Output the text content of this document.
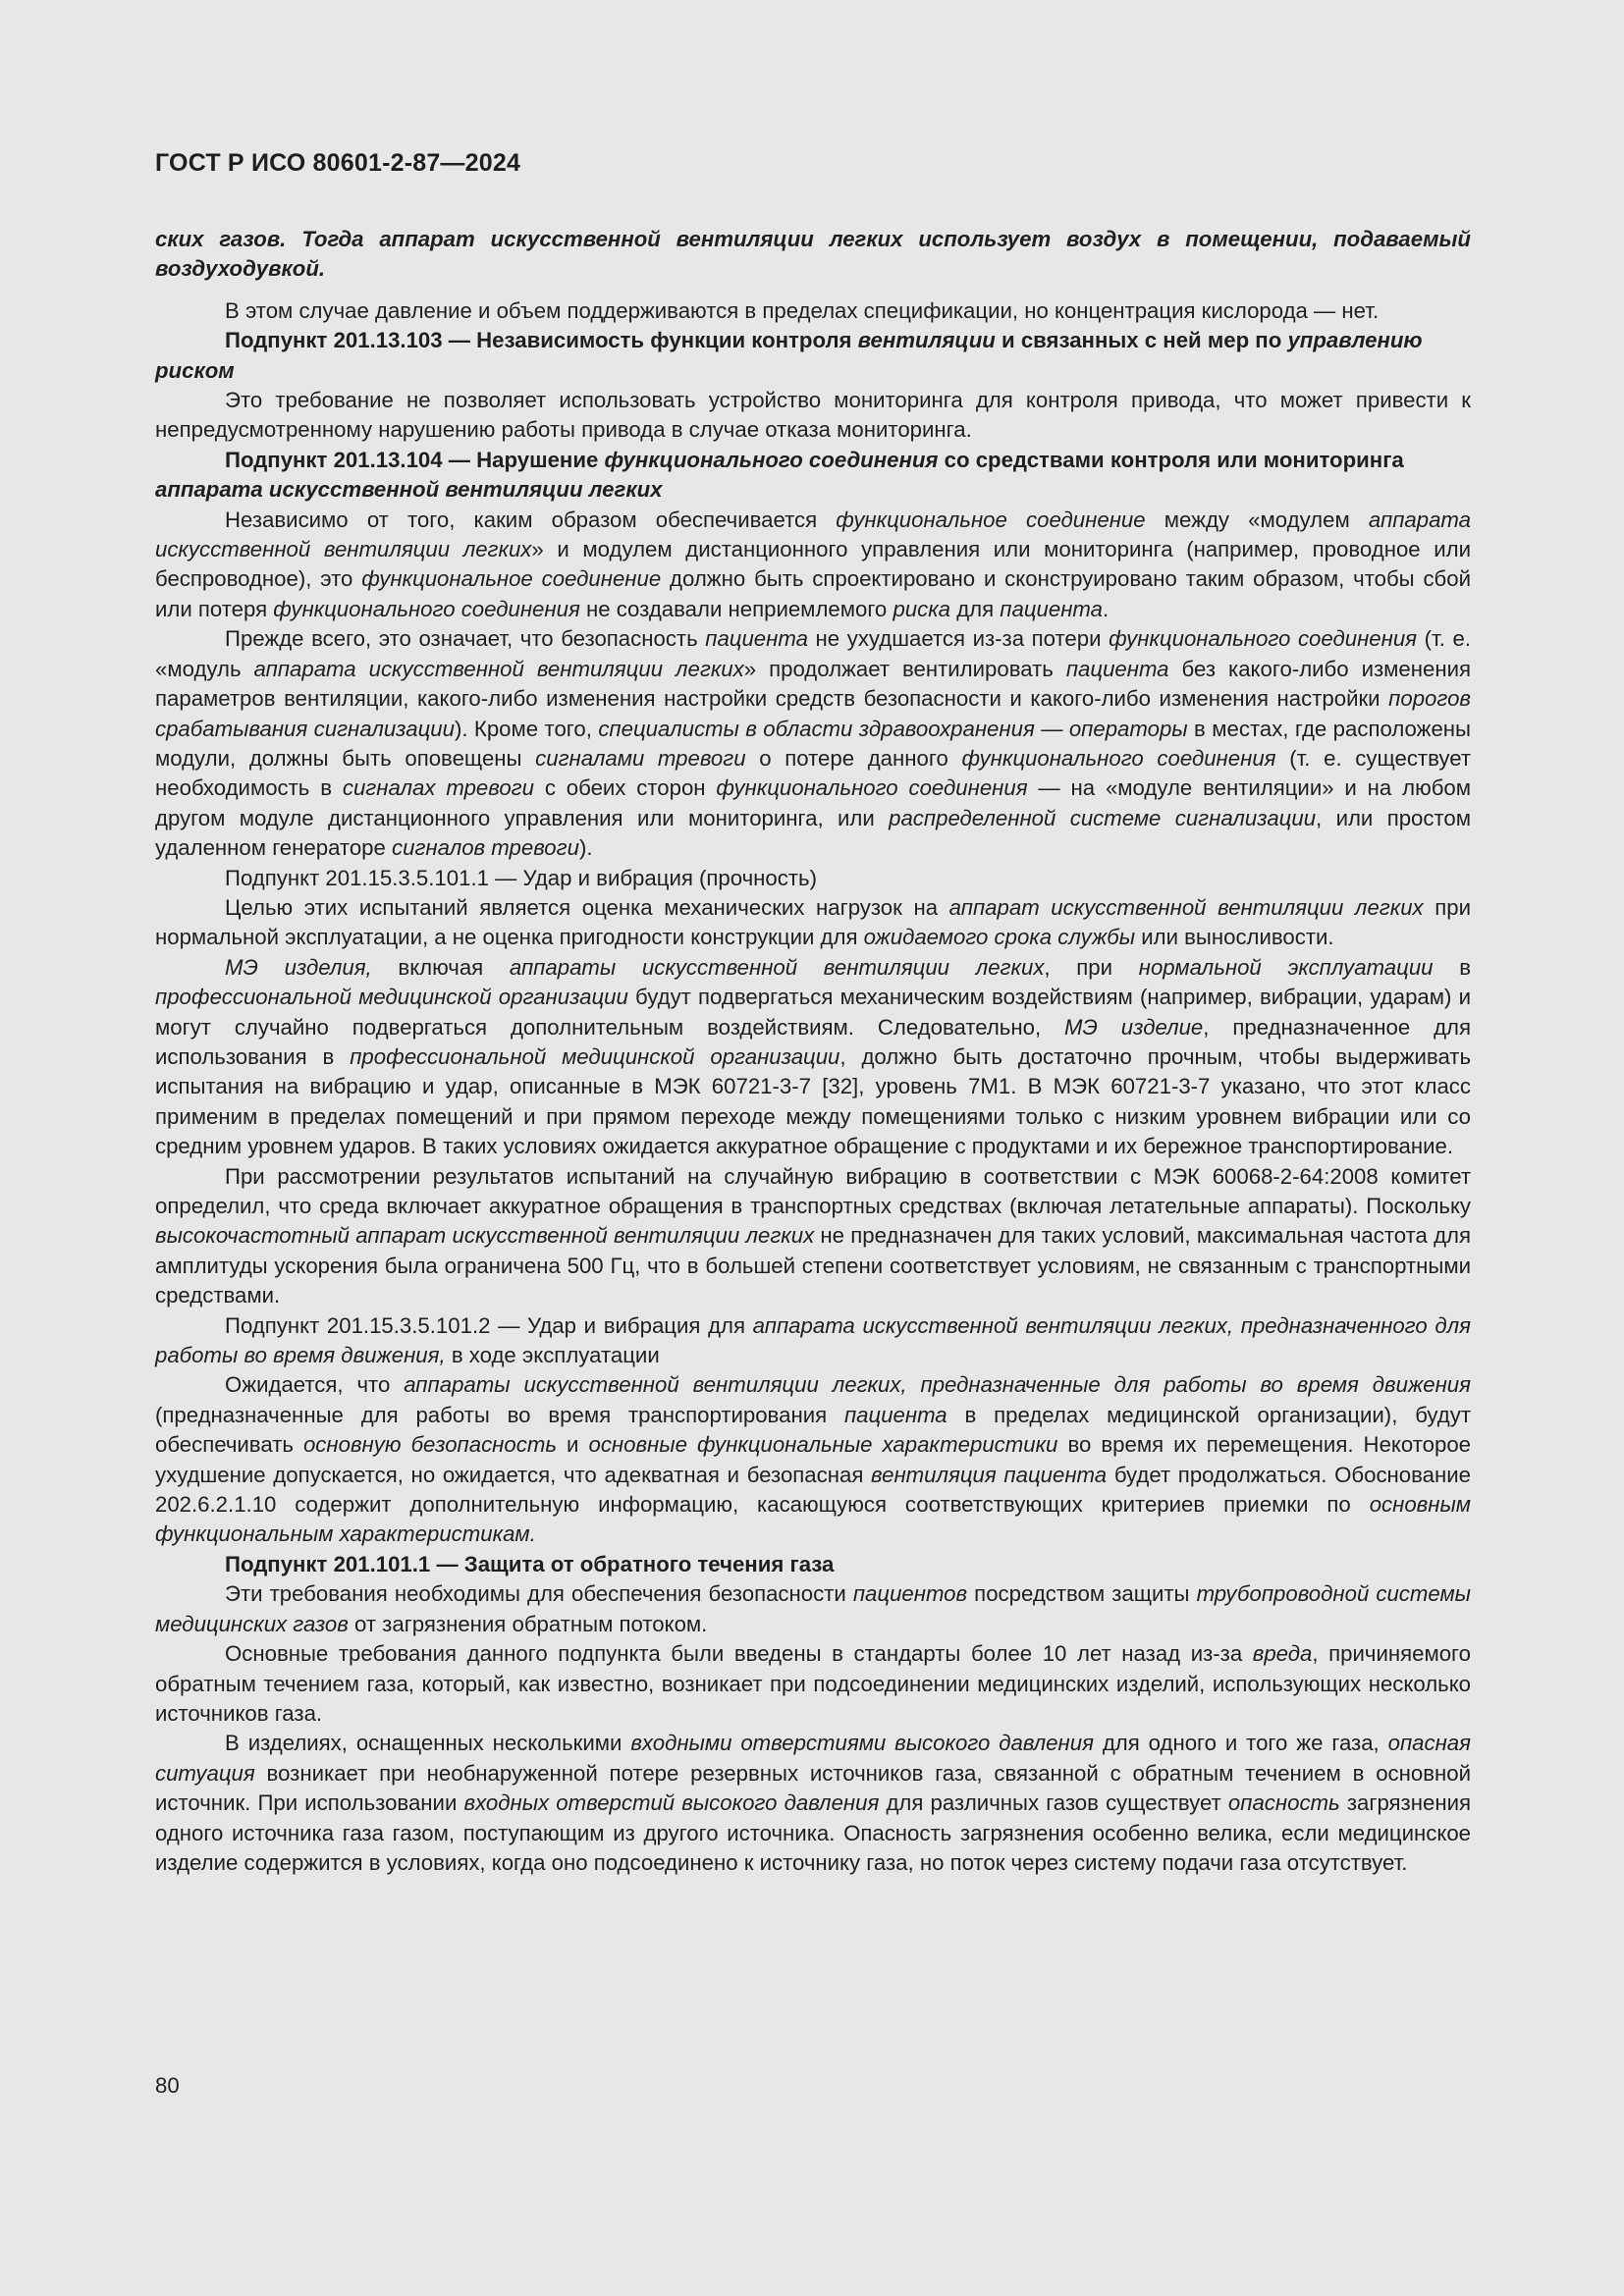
ГОСТ Р ИСО 80601-2-87—2024

ских газов. Тогда аппарат искусственной вентиляции легких использует воздух в помещении, подаваемый воздуходувкой.

В этом случае давление и объем поддерживаются в пределах спецификации, но концентрация кислорода — нет.

Подпункт 201.13.103 — Независимость функции контроля вентиляции и связанных с ней мер по управлению риском

Это требование не позволяет использовать устройство мониторинга для контроля привода, что может привести к непредусмотренному нарушению работы привода в случае отказа мониторинга.

Подпункт 201.13.104 — Нарушение функционального соединения со средствами контроля или мониторинга аппарата искусственной вентиляции легких

Независимо от того, каким образом обеспечивается функциональное соединение между «модулем аппарата искусственной вентиляции легких» и модулем дистанционного управления или мониторинга (например, проводное или беспроводное), это функциональное соединение должно быть спроектировано и сконструировано таким образом, чтобы сбой или потеря функционального соединения не создавали неприемлемого риска для пациента.

Прежде всего, это означает, что безопасность пациента не ухудшается из-за потери функционального соединения (т. е. «модуль аппарата искусственной вентиляции легких» продолжает вентилировать пациента без какого-либо изменения параметров вентиляции, какого-либо изменения настройки средств безопасности и какого-либо изменения настройки порогов срабатывания сигнализации). Кроме того, специалисты в области здравоохранения — операторы в местах, где расположены модули, должны быть оповещены сигналами тревоги о потере данного функционального соединения (т. е. существует необходимость в сигналах тревоги с обеих сторон функционального соединения — на «модуле вентиляции» и на любом другом модуле дистанционного управления или мониторинга, или распределенной системе сигнализации, или простом удаленном генераторе сигналов тревоги).

Подпункт 201.15.3.5.101.1 — Удар и вибрация (прочность)

Целью этих испытаний является оценка механических нагрузок на аппарат искусственной вентиляции легких при нормальной эксплуатации, а не оценка пригодности конструкции для ожидаемого срока службы или выносливости.

МЭ изделия, включая аппараты искусственной вентиляции легких, при нормальной эксплуатации в профессиональной медицинской организации будут подвергаться механическим воздействиям (например, вибрации, ударам) и могут случайно подвергаться дополнительным воздействиям. Следовательно, МЭ изделие, предназначенное для использования в профессиональной медицинской организации, должно быть достаточно прочным, чтобы выдерживать испытания на вибрацию и удар, описанные в МЭК 60721-3-7 [32], уровень 7М1. В МЭК 60721-3-7 указано, что этот класс применим в пределах помещений и при прямом переходе между помещениями только с низким уровнем вибрации или со средним уровнем ударов. В таких условиях ожидается аккуратное обращение с продуктами и их бережное транспортирование.

При рассмотрении результатов испытаний на случайную вибрацию в соответствии с МЭК 60068-2-64:2008 комитет определил, что среда включает аккуратное обращения в транспортных средствах (включая летательные аппараты). Поскольку высокочастотный аппарат искусственной вентиляции легких не предназначен для таких условий, максимальная частота для амплитуды ускорения была ограничена 500 Гц, что в большей степени соответствует условиям, не связанным с транспортными средствами.

Подпункт 201.15.3.5.101.2 — Удар и вибрация для аппарата искусственной вентиляции легких, предназначенного для работы во время движения, в ходе эксплуатации

Ожидается, что аппараты искусственной вентиляции легких, предназначенные для работы во время движения (предназначенные для работы во время транспортирования пациента в пределах медицинской организации), будут обеспечивать основную безопасность и основные функциональные характеристики во время их перемещения. Некоторое ухудшение допускается, но ожидается, что адекватная и безопасная вентиляция пациента будет продолжаться. Обоснование 202.6.2.1.10 содержит дополнительную информацию, касающуюся соответствующих критериев приемки по основным функциональным характеристикам.

Подпункт 201.101.1 — Защита от обратного течения газа

Эти требования необходимы для обеспечения безопасности пациентов посредством защиты трубопроводной системы медицинских газов от загрязнения обратным потоком.

Основные требования данного подпункта были введены в стандарты более 10 лет назад из-за вреда, причиняемого обратным течением газа, который, как известно, возникает при подсоединении медицинских изделий, использующих несколько источников газа.

В изделиях, оснащенных несколькими входными отверстиями высокого давления для одного и того же газа, опасная ситуация возникает при необнаруженной потере резервных источников газа, связанной с обратным течением в основной источник. При использовании входных отверстий высокого давления для различных газов существует опасность загрязнения одного источника газа газом, поступающим из другого источника. Опасность загрязнения особенно велика, если медицинское изделие содержится в условиях, когда оно подсоединено к источнику газа, но поток через систему подачи газа отсутствует.

80
